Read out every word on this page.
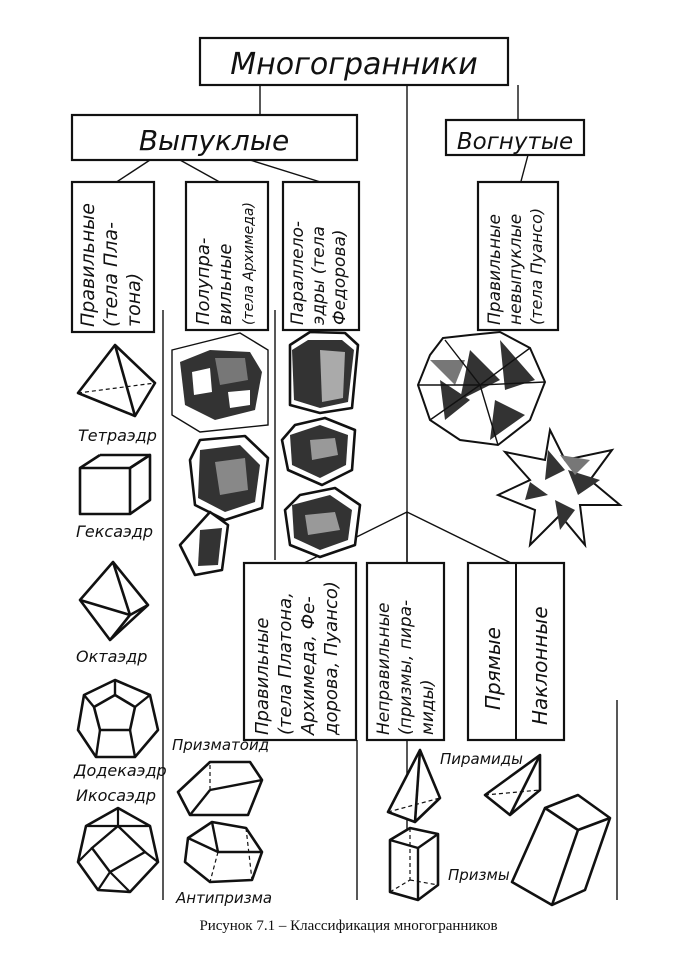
Многогранники
Выпуклые	Вогнутые
Правильные (тела Пла- тона)	Полупра- вильные (тела Архимеда) Параллело- эдры (тела Федорова)	Правильные невыпуклые (тела Пуансо)
Правильные (тела Платона, Архимеда, Фе- дорова, Пуансо) Неправильные (призмы, пира- миды) Прямые Наклонные
Тетраэдр
Гексаэдр
Октаэдр
Додекаэдр
Икосаэдр
Призматоид
Антипризма
Пирамиды
Призмы
Рисунок 7.1 – Классификация многогранников
